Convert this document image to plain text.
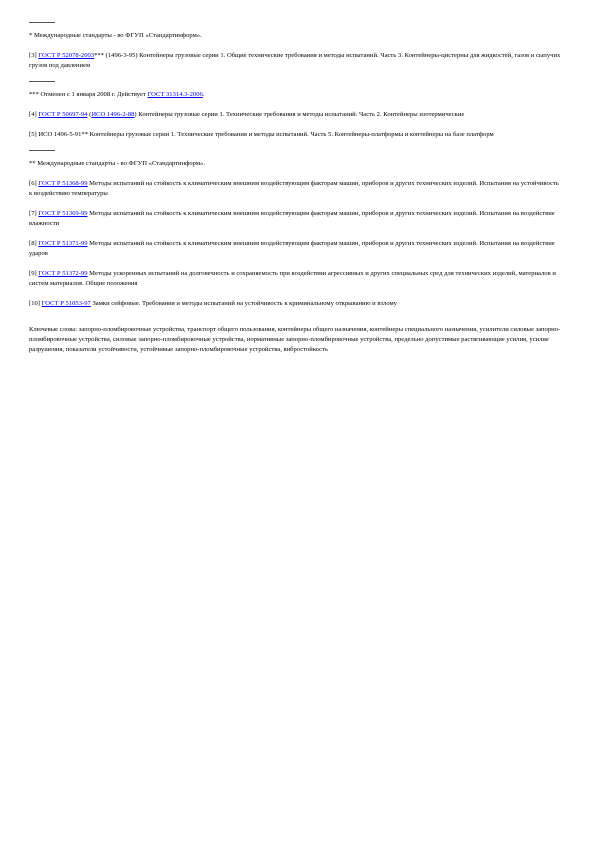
* Международные стандарты - во ФГУП «Стандартинформ».

[3] ГОСТ Р 52078-2003*** (1496-3-95) Контейнеры грузовые серии 1. Общие технические требования и методы испытаний. Часть 3. Контейнеры-цистерны для жидкостей, газов и сыпучих грузов под давлением

*** Отменен с 1 января 2008 г. Действует ГОСТ 31314.3-2006.

[4] ГОСТ Р 50697-94 (ИСО 1496-2-88) Контейнеры грузовые серии 1. Технические требования и методы испытаний. Часть 2. Контейнеры изотермические

[5] ИСО 1496-5-91** Контейнеры грузовые серии 1. Технические требования и методы испытаний. Часть 5. Контейнеры-платформы и контейнеры на базе платформ

** Международные стандарты - во ФГУП «Стандартинформ».

[6] ГОСТ Р 51368-99 Методы испытаний на стойкость к климатическим внешним воздействующим факторам машин, приборов и других технических изделий. Испытания на устойчивость к воздействию температуры

[7] ГОСТ Р 51369-99 Методы испытаний на стойкость к климатическим внешним воздействующим факторам машин, приборов и других технических изделий. Испытания на воздействие влажности

[8] ГОСТ Р 51371-99 Методы испытаний на стойкость к климатическим внешним воздействующим факторам машин, приборов и других технических изделий. Испытания на воздействие ударов

[9] ГОСТ Р 51372-99 Методы ускоренных испытаний на долговечность и сохраняемость при воздействии агрессивных и других специальных сред для технических изделий, материалов и систем материалов. Общие положения

[10] ГОСТ Р 51053-97 Замки сейфовые. Требования и методы испытаний на устойчивость к криминальному открыванию и взлому

Ключевые слова: запорно-пломбировочные устройства, транспорт общего пользования, контейнеры общего назначения, контейнеры специального назначения, усилители силовые запорно-пломбировочные устройства, силовые запорно-пломбировочные устройства, нормативные запорно-пломбировочные устройства, предельно допустимые растягивающие усилия, усилие разрушения, показатели устойчивости, устойчивые запорно-пломбировочные устройства, вибростойкость
